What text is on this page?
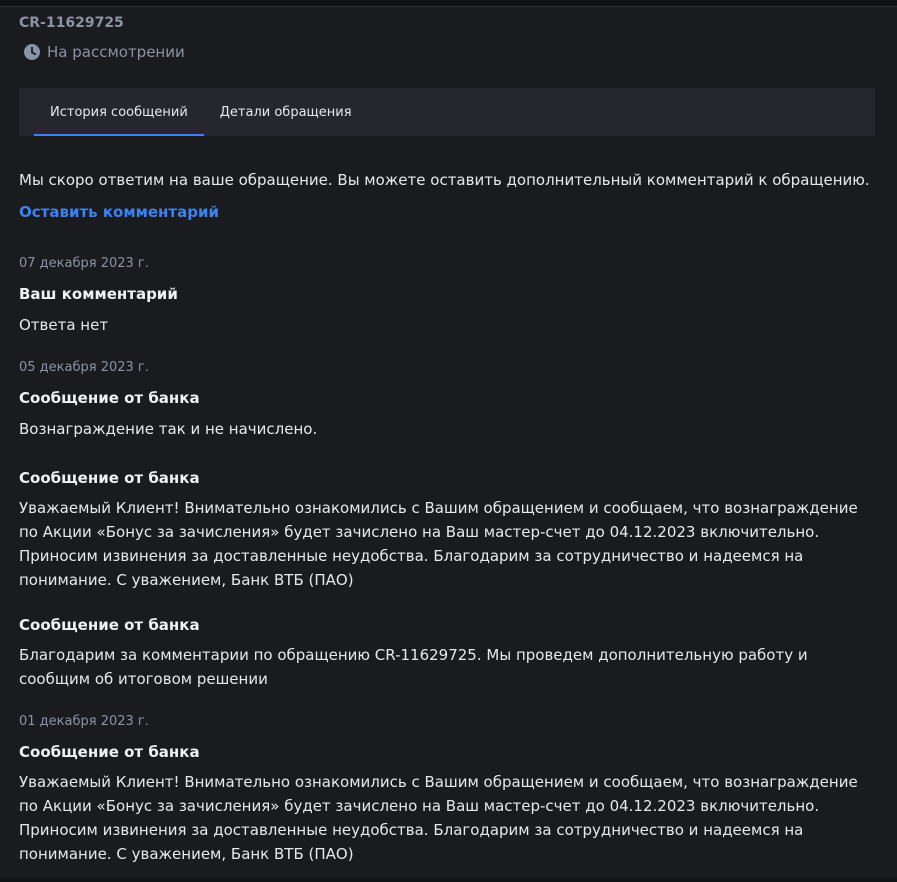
CR-11629725
На рассмотрении
История сообщений	Детали обращения
Мы скоро ответим на ваше обращение. Вы можете оставить дополнительный комментарий к обращению.
Оставить комментарий
07 декабря 2023 г.
Ваш комментарий
Ответа нет
05 декабря 2023 г.
Сообщение от банка
Вознаграждение так и не начислено.
Сообщение от банка
Уважаемый Клиент! Внимательно ознакомились с Вашим обращением и сообщаем, что вознаграждение по Акции «Бонус за зачисления» будет зачислено на Ваш мастер-счет до 04.12.2023 включительно. Приносим извинения за доставленные неудобства. Благодарим за сотрудничество и надеемся на понимание. С уважением, Банк ВТБ (ПАО)
Сообщение от банка
Благодарим за комментарии по обращению CR-11629725. Мы проведем дополнительную работу и сообщим об итоговом решении
01 декабря 2023 г.
Сообщение от банка
Уважаемый Клиент! Внимательно ознакомились с Вашим обращением и сообщаем, что вознаграждение по Акции «Бонус за зачисления» будет зачислено на Ваш мастер-счет до 04.12.2023 включительно. Приносим извинения за доставленные неудобства. Благодарим за сотрудничество и надеемся на понимание. С уважением, Банк ВТБ (ПАО)
